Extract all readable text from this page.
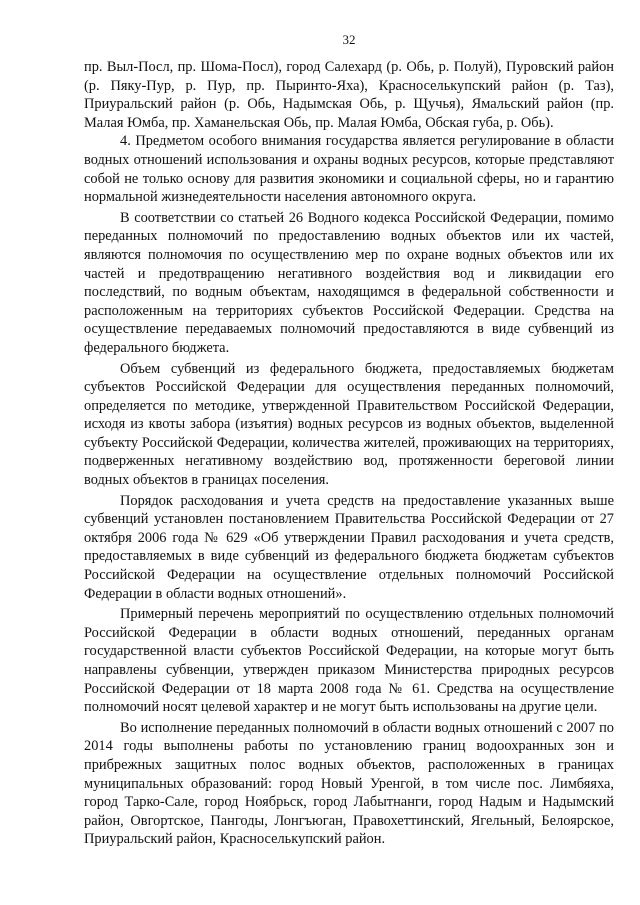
32

пр. Выл-Посл, пр. Шома-Посл), город Салехард (р. Обь, р. Полуй), Пуровский район (р. Пяку-Пур, р. Пур, пр. Пыринто-Яха), Красноселькупский район (р. Таз), Приуральский район (р. Обь, Надымская Обь, р. Щучья), Ямальский район (пр. Малая Юмба, пр. Хаманельская Обь, пр. Малая Юмба, Обская губа, р. Обь).

4. Предметом особого внимания государства является регулирование в области водных отношений использования и охраны водных ресурсов, которые представляют собой не только основу для развития экономики и социальной сферы, но и гарантию нормальной жизнедеятельности населения автономного округа.

В соответствии со статьей 26 Водного кодекса Российской Федерации, помимо переданных полномочий по предоставлению водных объектов или их частей, являются полномочия по осуществлению мер по охране водных объектов или их частей и предотвращению негативного воздействия вод и ликвидации его последствий, по водным объектам, находящимся в федеральной собственности и расположенным на территориях субъектов Российской Федерации. Средства на осуществление передаваемых полномочий предоставляются в виде субвенций из федерального бюджета.

Объем субвенций из федерального бюджета, предоставляемых бюджетам субъектов Российской Федерации для осуществления переданных полномочий, определяется по методике, утвержденной Правительством Российской Федерации, исходя из квоты забора (изъятия) водных ресурсов из водных объектов, выделенной субъекту Российской Федерации, количества жителей, проживающих на территориях, подверженных негативному воздействию вод, протяженности береговой линии водных объектов в границах поселения.

Порядок расходования и учета средств на предоставление указанных выше субвенций установлен постановлением Правительства Российской Федерации от 27 октября 2006 года № 629 «Об утверждении Правил расходования и учета средств, предоставляемых в виде субвенций из федерального бюджета бюджетам субъектов Российской Федерации на осуществление отдельных полномочий Российской Федерации в области водных отношений».

Примерный перечень мероприятий по осуществлению отдельных полномочий Российской Федерации в области водных отношений, переданных органам государственной власти субъектов Российской Федерации, на которые могут быть направлены субвенции, утвержден приказом Министерства природных ресурсов Российской Федерации от 18 марта 2008 года № 61. Средства на осуществление полномочий носят целевой характер и не могут быть использованы на другие цели.

Во исполнение переданных полномочий в области водных отношений с 2007 по 2014 годы выполнены работы по установлению границ водоохранных зон и прибрежных защитных полос водных объектов, расположенных в границах муниципальных образований: город Новый Уренгой, в том числе пос. Лимбяяха, город Тарко-Сале, город Ноябрьск, город Лабытнанги, город Надым и Надымский район, Овгортское, Пангоды, Лонгъюган, Правохеттинский, Ягельный, Белоярское, Приуральский район, Красноселькупский район.
